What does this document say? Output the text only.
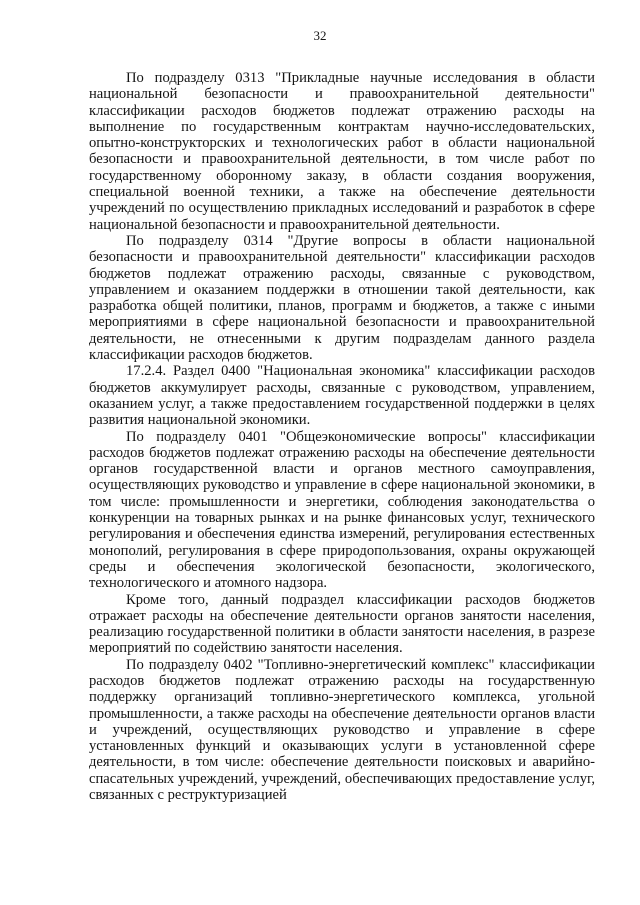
32

По подразделу 0313 "Прикладные научные исследования в области национальной безопасности и правоохранительной деятельности" классификации расходов бюджетов подлежат отражению расходы на выполнение по государственным контрактам научно-исследовательских, опытно-конструкторских и технологических работ в области национальной безопасности и правоохранительной деятельности, в том числе работ по государственному оборонному заказу, в области создания вооружения, специальной военной техники, а также на обеспечение деятельности учреждений по осуществлению прикладных исследований и разработок в сфере национальной безопасности и правоохранительной деятельности.

По подразделу 0314 "Другие вопросы в области национальной безопасности и правоохранительной деятельности" классификации расходов бюджетов подлежат отражению расходы, связанные с руководством, управлением и оказанием поддержки в отношении такой деятельности, как разработка общей политики, планов, программ и бюджетов, а также с иными мероприятиями в сфере национальной безопасности и правоохранительной деятельности, не отнесенными к другим подразделам данного раздела классификации расходов бюджетов.

17.2.4. Раздел 0400 "Национальная экономика" классификации расходов бюджетов аккумулирует расходы, связанные с руководством, управлением, оказанием услуг, а также предоставлением государственной поддержки в целях развития национальной экономики.

По подразделу 0401 "Общеэкономические вопросы" классификации расходов бюджетов подлежат отражению расходы на обеспечение деятельности органов государственной власти и органов местного самоуправления, осуществляющих руководство и управление в сфере национальной экономики, в том числе: промышленности и энергетики, соблюдения законодательства о конкуренции на товарных рынках и на рынке финансовых услуг, технического регулирования и обеспечения единства измерений, регулирования естественных монополий, регулирования в сфере природопользования, охраны окружающей среды и обеспечения экологической безопасности, экологического, технологического и атомного надзора.

Кроме того, данный подраздел классификации расходов бюджетов отражает расходы на обеспечение деятельности органов занятости населения, реализацию государственной политики в области занятости населения, в разрезе мероприятий по содействию занятости населения.

По подразделу 0402 "Топливно-энергетический комплекс" классификации расходов бюджетов подлежат отражению расходы на государственную поддержку организаций топливно-энергетического комплекса, угольной промышленности, а также расходы на обеспечение деятельности органов власти и учреждений, осуществляющих руководство и управление в сфере установленных функций и оказывающих услуги в установленной сфере деятельности, в том числе: обеспечение деятельности поисковых и аварийно-спасательных учреждений, учреждений, обеспечивающих предоставление услуг, связанных с реструктуризацией
